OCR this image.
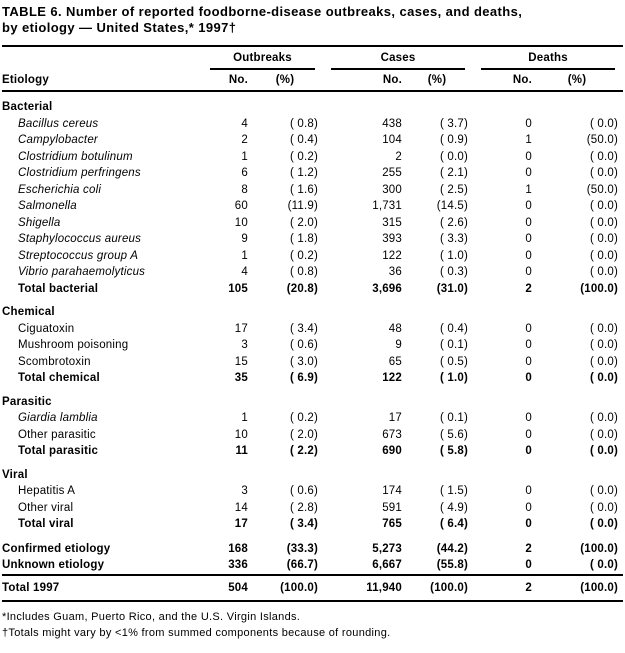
TABLE 6. Number of reported foodborne-disease outbreaks, cases, and deaths,
by etiology — United States,* 1997†

	Outbreaks		Cases		Deaths	

Etiology	No.	(%)	No.	(%)	No.	(%)
Bacterial						
Bacillus cereus	4	( 0.8)	438	( 3.7)	0	( 0.0)
Campylobacter	2	( 0.4)	104	( 0.9)	1	(50.0)
Clostridium botulinum	1	( 0.2)	2	( 0.0)	0	( 0.0)
Clostridium perfringens	6	( 1.2)	255	( 2.1)	0	( 0.0)
Escherichia coli	8	( 1.6)	300	( 2.5)	1	(50.0)
Salmonella	60	(11.9)	1,731	(14.5)	0	( 0.0)
Shigella	10	( 2.0)	315	( 2.6)	0	( 0.0)
Staphylococcus aureus	9	( 1.8)	393	( 3.3)	0	( 0.0)
Streptococcus group A	1	( 0.2)	122	( 1.0)	0	( 0.0)
Vibrio parahaemolyticus	4	( 0.8)	36	( 0.3)	0	( 0.0)
Total bacterial	105	(20.8)	3,696	(31.0)	2	(100.0)
Chemical						
Ciguatoxin	17	( 3.4)	48	( 0.4)	0	( 0.0)
Mushroom poisoning	3	( 0.6)	9	( 0.1)	0	( 0.0)
Scombrotoxin	15	( 3.0)	65	( 0.5)	0	( 0.0)
Total chemical	35	( 6.9)	122	( 1.0)	0	( 0.0)
Parasitic						
Giardia lamblia	1	( 0.2)	17	( 0.1)	0	( 0.0)
Other parasitic	10	( 2.0)	673	( 5.6)	0	( 0.0)
Total parasitic	11	( 2.2)	690	( 5.8)	0	( 0.0)
Viral						
Hepatitis A	3	( 0.6)	174	( 1.5)	0	( 0.0)
Other viral	14	( 2.8)	591	( 4.9)	0	( 0.0)
Total viral	17	( 3.4)	765	( 6.4)	0	( 0.0)
Confirmed etiology	168	(33.3)	5,273	(44.2)	2	(100.0)
Unknown etiology	336	(66.7)	6,667	(55.8)	0	( 0.0)
Total 1997	504	(100.0)	11,940	(100.0)	2	(100.0)
*Includes Guam, Puerto Rico, and the U.S. Virgin Islands.
†Totals might vary by <1% from summed components because of rounding.
